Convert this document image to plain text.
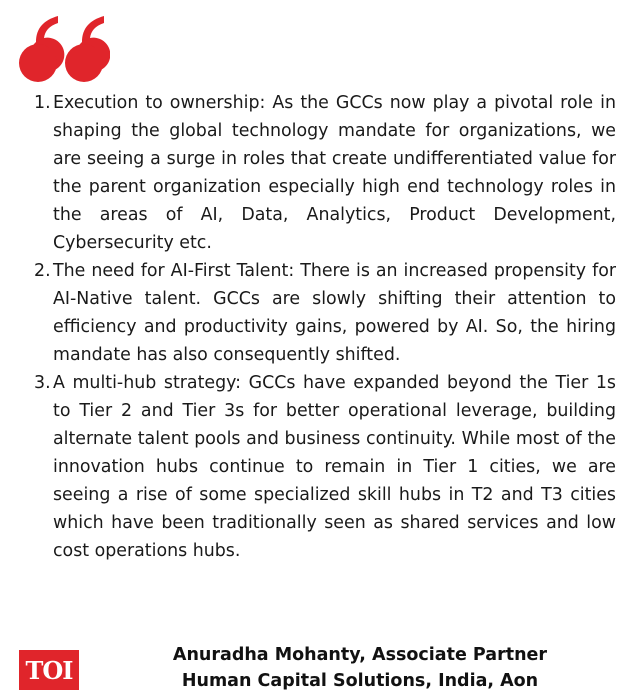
1. Execution to ownership: As the GCCs now play a pivotal role in shaping the global technology mandate for organizations, we are seeing a surge in roles that create undifferentiated value for the parent organization especially high end technology roles in the areas of AI, Data, Analytics, Product Development, Cybersecurity etc.
2. The need for AI-First Talent: There is an increased propensity for AI-Native talent. GCCs are slowly shifting their attention to efficiency and productivity gains, powered by AI. So, the hiring mandate has also consequently shifted.
3. A multi-hub strategy: GCCs have expanded beyond the Tier 1s to Tier 2 and Tier 3s for better operational leverage, building alternate talent pools and business continuity. While most of the innovation hubs continue to remain in Tier 1 cities, we are seeing a rise of some specialized skill hubs in T2 and T3 cities which have been traditionally seen as shared services and low cost operations hubs.
TOI
Anuradha Mohanty, Associate Partner
Human Capital Solutions, India, Aon
